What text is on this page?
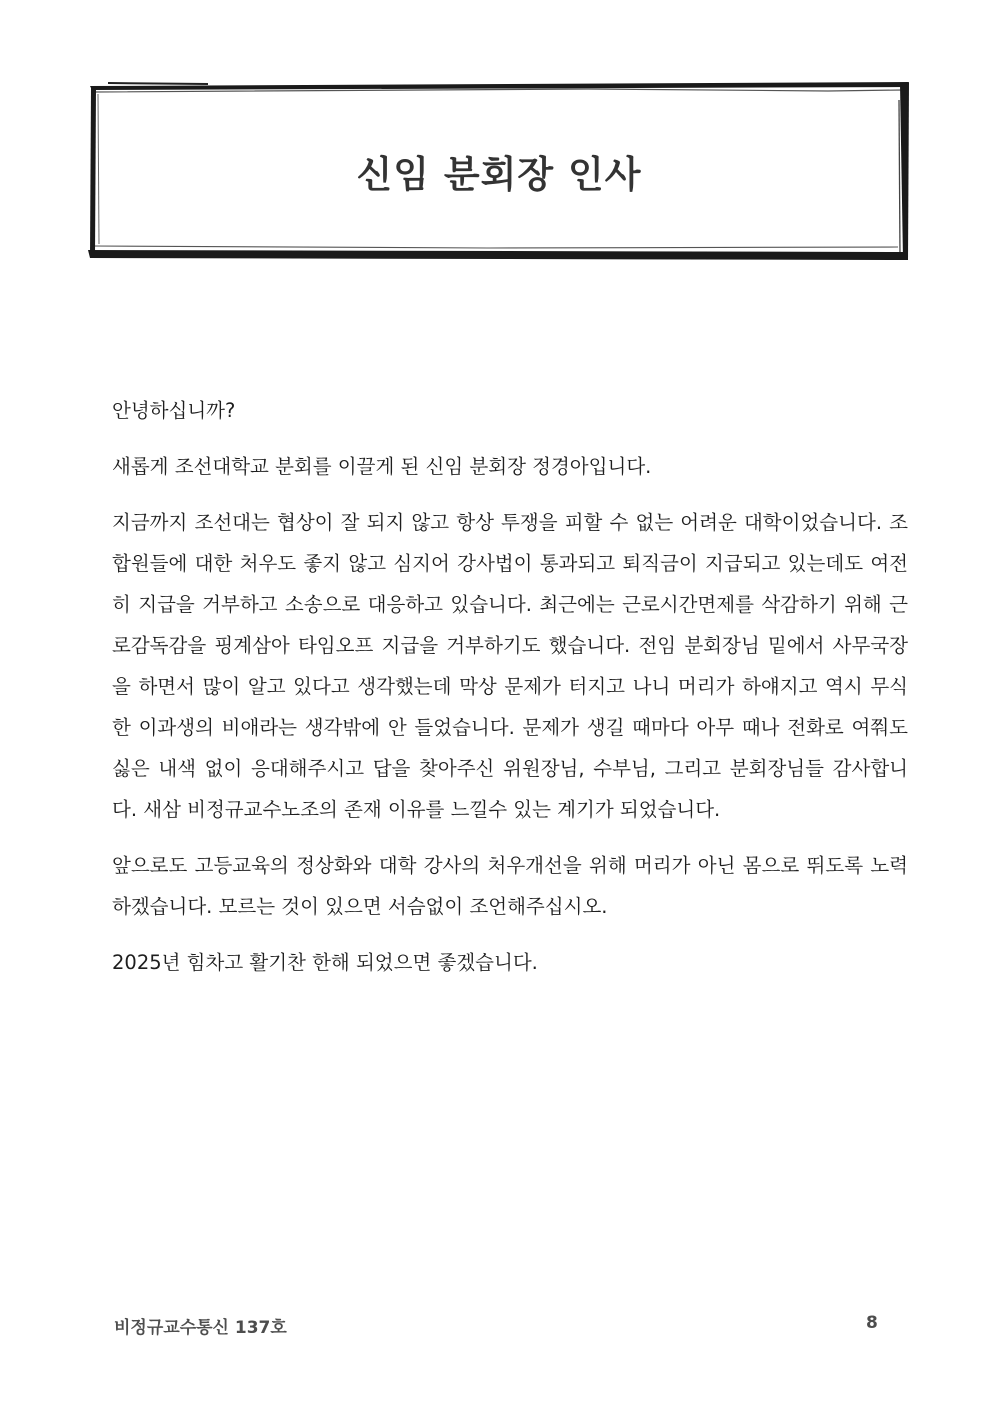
신임 분회장 인사

안녕하십니까?

새롭게 조선대학교 분회를 이끌게 된 신임 분회장 정경아입니다.

지금까지 조선대는 협상이 잘 되지 않고 항상 투쟁을 피할 수 없는 어려운 대학이었습니다. 조합원들에 대한 처우도 좋지 않고 심지어 강사법이 통과되고 퇴직금이 지급되고 있는데도 여전히 지급을 거부하고 소송으로 대응하고 있습니다. 최근에는 근로시간면제를 삭감하기 위해 근로감독감을 핑계삼아 타임오프 지급을 거부하기도 했습니다. 전임 분회장님 밑에서 사무국장을 하면서 많이 알고 있다고 생각했는데 막상 문제가 터지고 나니 머리가 하얘지고 역시 무식한 이과생의 비애라는 생각밖에 안 들었습니다. 문제가 생길 때마다 아무 때나 전화로 여쭤도 싫은 내색 없이 응대해주시고 답을 찾아주신 위원장님, 수부님, 그리고 분회장님들 감사합니다. 새삼 비정규교수노조의 존재 이유를 느낄수 있는 계기가 되었습니다.

앞으로도 고등교육의 정상화와 대학 강사의 처우개선을 위해 머리가 아닌 몸으로 뛰도록 노력하겠습니다. 모르는 것이 있으면 서슴없이 조언해주십시오.

2025년 힘차고 활기찬 한해 되었으면 좋겠습니다.

비정규교수통신 137호	8
